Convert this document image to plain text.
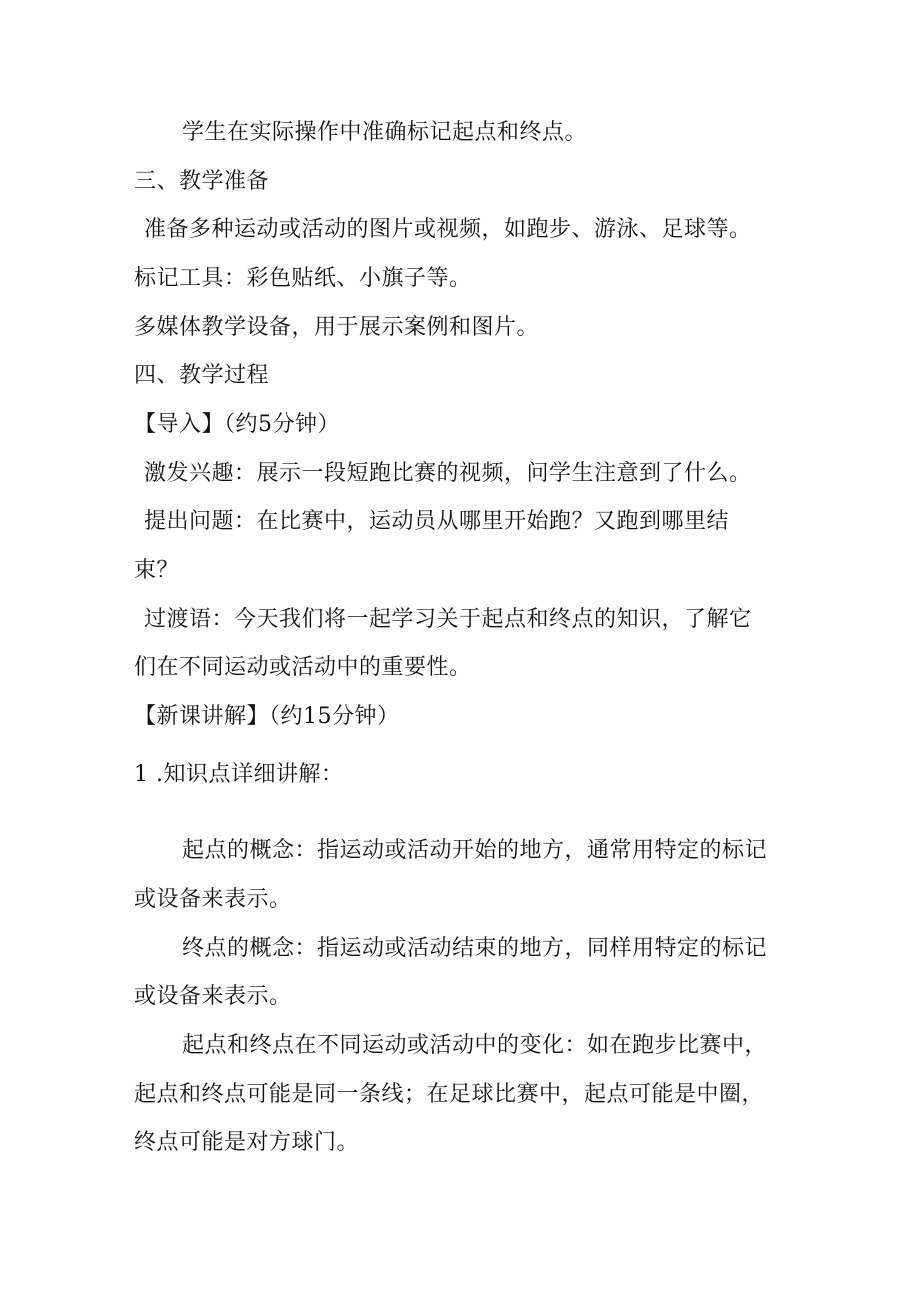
学生在实际操作中准确标记起点和终点。
三、教学准备
准备多种运动或活动的图片或视频，如跑步、游泳、足球等。
标记工具：彩色贴纸、小旗子等。
多媒体教学设备，用于展示案例和图片。
四、教学过程
【导入】（约5分钟）
激发兴趣：展示一段短跑比赛的视频，问学生注意到了什么。
提出问题：在比赛中，运动员从哪里开始跑？又跑到哪里结
束？
过渡语：今天我们将一起学习关于起点和终点的知识，了解它
们在不同运动或活动中的重要性。
【新课讲解】（约15分钟）
1 .知识点详细讲解：
起点的概念：指运动或活动开始的地方，通常用特定的标记
或设备来表示。
终点的概念：指运动或活动结束的地方，同样用特定的标记
或设备来表示。
起点和终点在不同运动或活动中的变化：如在跑步比赛中，
起点和终点可能是同一条线；在足球比赛中，起点可能是中圈，
终点可能是对方球门。
